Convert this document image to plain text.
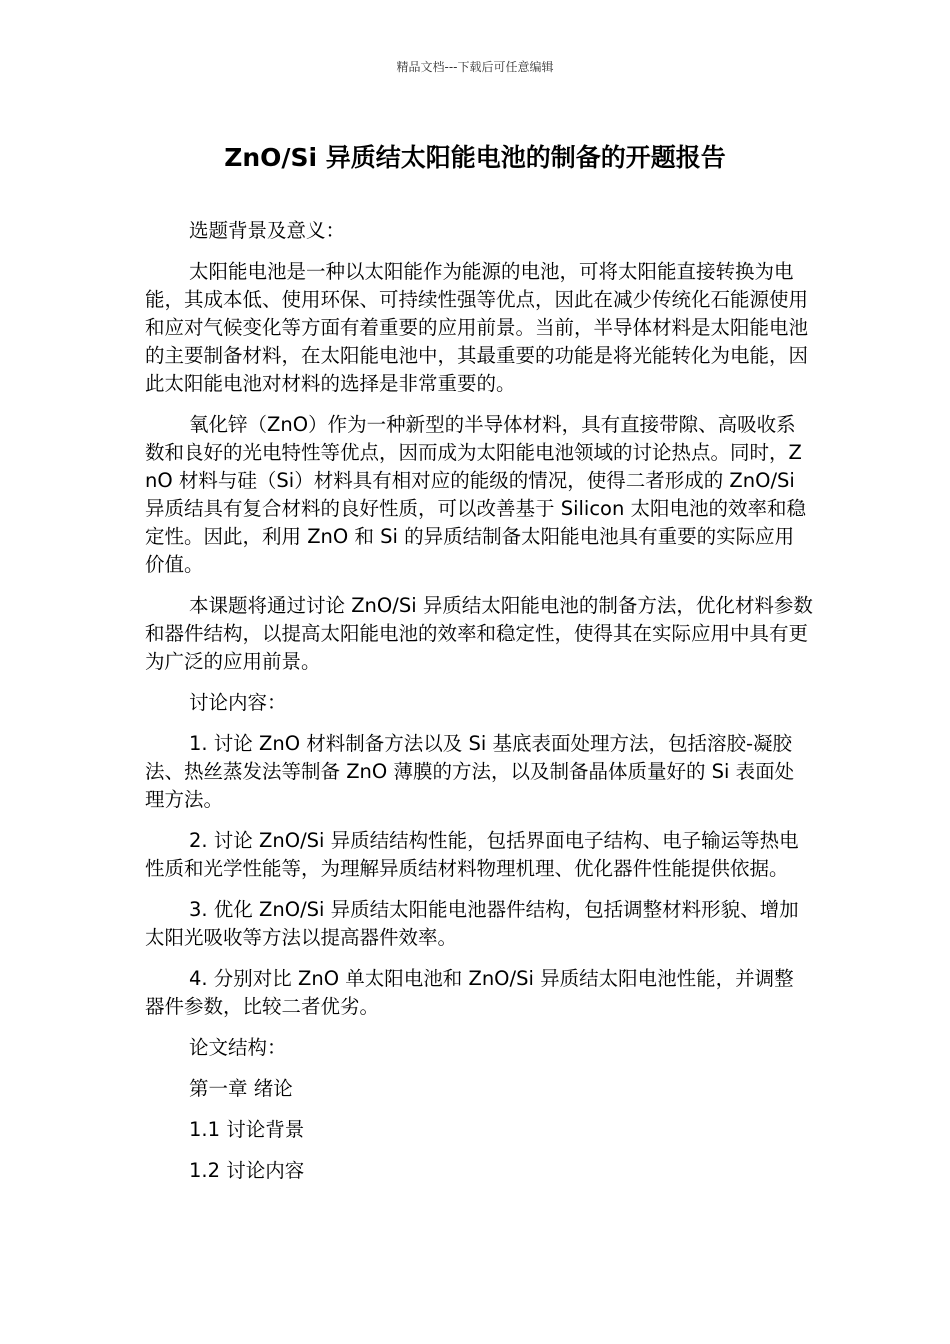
精品文档---下载后可任意编辑
ZnO/Si 异质结太阳能电池的制备的开题报告

选题背景及意义：

太阳能电池是一种以太阳能作为能源的电池，可将太阳能直接转换为电能，其成本低、使用环保、可持续性强等优点，因此在减少传统化石能源使用和应对气候变化等方面有着重要的应用前景。当前，半导体材料是太阳能电池的主要制备材料，在太阳能电池中，其最重要的功能是将光能转化为电能，因此太阳能电池对材料的选择是非常重要的。

氧化锌（ZnO）作为一种新型的半导体材料，具有直接带隙、高吸收系数和良好的光电特性等优点，因而成为太阳能电池领域的讨论热点。同时，ZnO 材料与硅（Si）材料具有相对应的能级的情况，使得二者形成的 ZnO/Si 异质结具有复合材料的良好性质，可以改善基于 Silicon 太阳电池的效率和稳定性。因此，利用 ZnO 和 Si 的异质结制备太阳能电池具有重要的实际应用价值。

本课题将通过讨论 ZnO/Si 异质结太阳能电池的制备方法，优化材料参数和器件结构，以提高太阳能电池的效率和稳定性，使得其在实际应用中具有更为广泛的应用前景。

讨论内容：

1. 讨论 ZnO 材料制备方法以及 Si 基底表面处理方法，包括溶胶-凝胶法、热丝蒸发法等制备 ZnO 薄膜的方法，以及制备晶体质量好的 Si 表面处理方法。

2. 讨论 ZnO/Si 异质结结构性能，包括界面电子结构、电子输运等热电性质和光学性能等，为理解异质结材料物理机理、优化器件性能提供依据。

3. 优化 ZnO/Si 异质结太阳能电池器件结构，包括调整材料形貌、增加太阳光吸收等方法以提高器件效率。

4. 分别对比 ZnO 单太阳电池和 ZnO/Si 异质结太阳电池性能，并调整器件参数，比较二者优劣。

论文结构：

第一章 绪论

1.1 讨论背景

1.2 讨论内容
